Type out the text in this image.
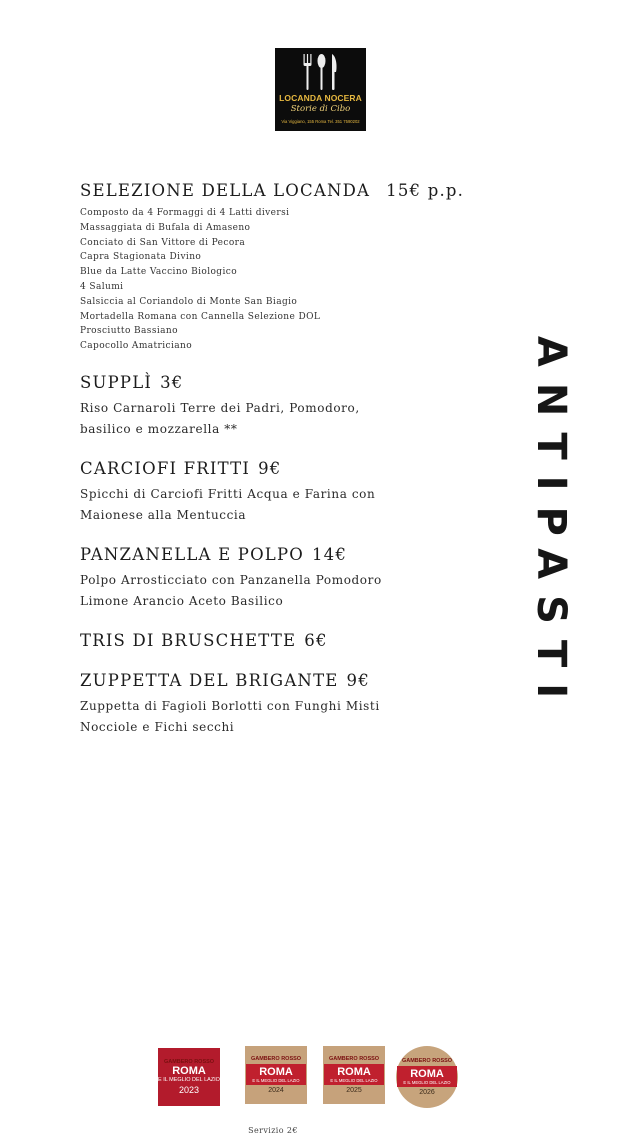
LOCANDA NOCERA
Storie di Cibo
Via Viggiano, 155 Roma Tel. 351 7590202
SELEZIONE DELLA LOCANDA 15€ p.p.
Composto da 4 Formaggi di 4 Latti diversi
Massaggiata di Bufala di Amaseno
Conciato di San Vittore di Pecora
Capra Stagionata Divino
Blue da Latte Vaccino Biologico
4 Salumi
Salsiccia al Coriandolo di Monte San Biagio
Mortadella Romana con Cannella Selezione DOL
Prosciutto Bassiano
Capocollo Amatriciano
SUPPLÌ 3€
Riso Carnaroli Terre dei Padri, Pomodoro,
basilico e mozzarella **
CARCIOFI FRITTI 9€
Spicchi di Carciofi Fritti Acqua e Farina con
Maionese alla Mentuccia
PANZANELLA E POLPO 14€
Polpo Arrosticciato con Panzanella Pomodoro
Limone Arancio Aceto Basilico
TRIS DI BRUSCHETTE 6€
ZUPPETTA DEL BRIGANTE 9€
Zuppetta di Fagioli Borlotti con Funghi Misti
Nocciole e Fichi secchi
ANTIPASTI
GAMBERO ROSSO
ROMA
E IL MEGLIO DEL LAZIO
2023
GAMBERO ROSSO
ROMA
E IL MEGLIO DEL LAZIO
2024
GAMBERO ROSSO
ROMA
E IL MEGLIO DEL LAZIO
2025
GAMBERO ROSSO
ROMA
E IL MEGLIO DEL LAZIO
2026
Servizio 2€
